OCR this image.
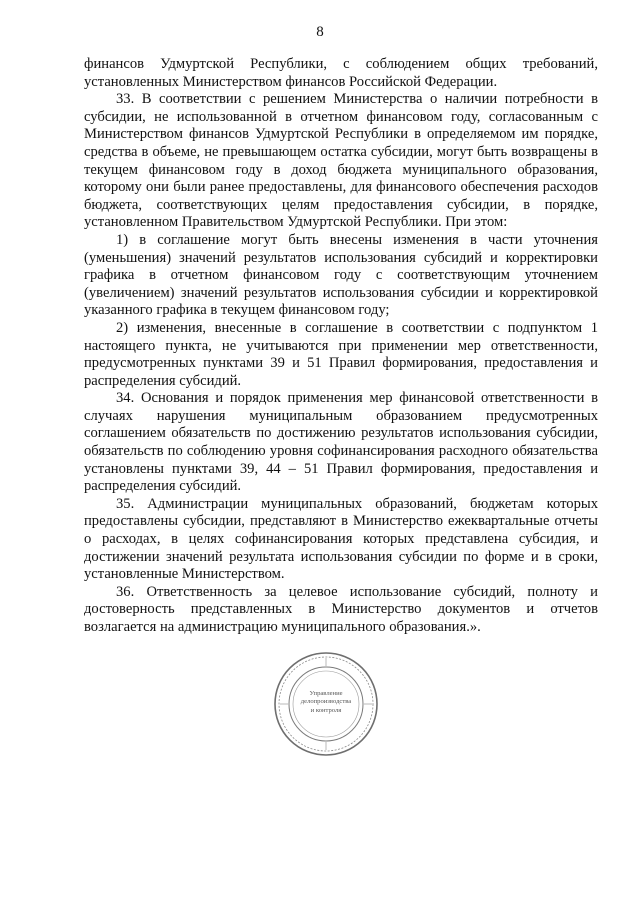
8

финансов Удмуртской Республики, с соблюдением общих требований, установленных Министерством финансов Российской Федерации.

33. В соответствии с решением Министерства о наличии потребности в субсидии, не использованной в отчетном финансовом году, согласованным с Министерством финансов Удмуртской Республики в определяемом им порядке, средства в объеме, не превышающем остатка субсидии, могут быть возвращены в текущем финансовом году в доход бюджета муниципального образования, которому они были ранее предоставлены, для финансового обеспечения расходов бюджета, соответствующих целям предоставления субсидии, в порядке, установленном Правительством Удмуртской Республики. При этом:

1) в соглашение могут быть внесены изменения в части уточнения (уменьшения) значений результатов использования субсидий и корректировки графика в отчетном финансовом году с соответствующим уточнением (увеличением) значений результатов использования субсидии и корректировкой указанного графика в текущем финансовом году;

2) изменения, внесенные в соглашение в соответствии с подпунктом 1 настоящего пункта, не учитываются при применении мер ответственности, предусмотренных пунктами 39 и 51 Правил формирования, предоставления и распределения субсидий.

34. Основания и порядок применения мер финансовой ответственности в случаях нарушения муниципальным образованием предусмотренных соглашением обязательств по достижению результатов использования субсидии, обязательств по соблюдению уровня софинансирования расходного обязательства установлены пунктами 39, 44 – 51 Правил формирования, предоставления и распределения субсидий.

35. Администрации муниципальных образований, бюджетам которых предоставлены субсидии, представляют в Министерство ежеквартальные отчеты о расходах, в целях софинансирования которых представлена субсидия, и достижении значений результата использования субсидии по форме и в сроки, установленные Министерством.

36. Ответственность за целевое использование субсидий, полноту и достоверность представленных в Министерство документов и отчетов возлагается на администрацию муниципального образования.».

Управление делопроизводства и контроля
